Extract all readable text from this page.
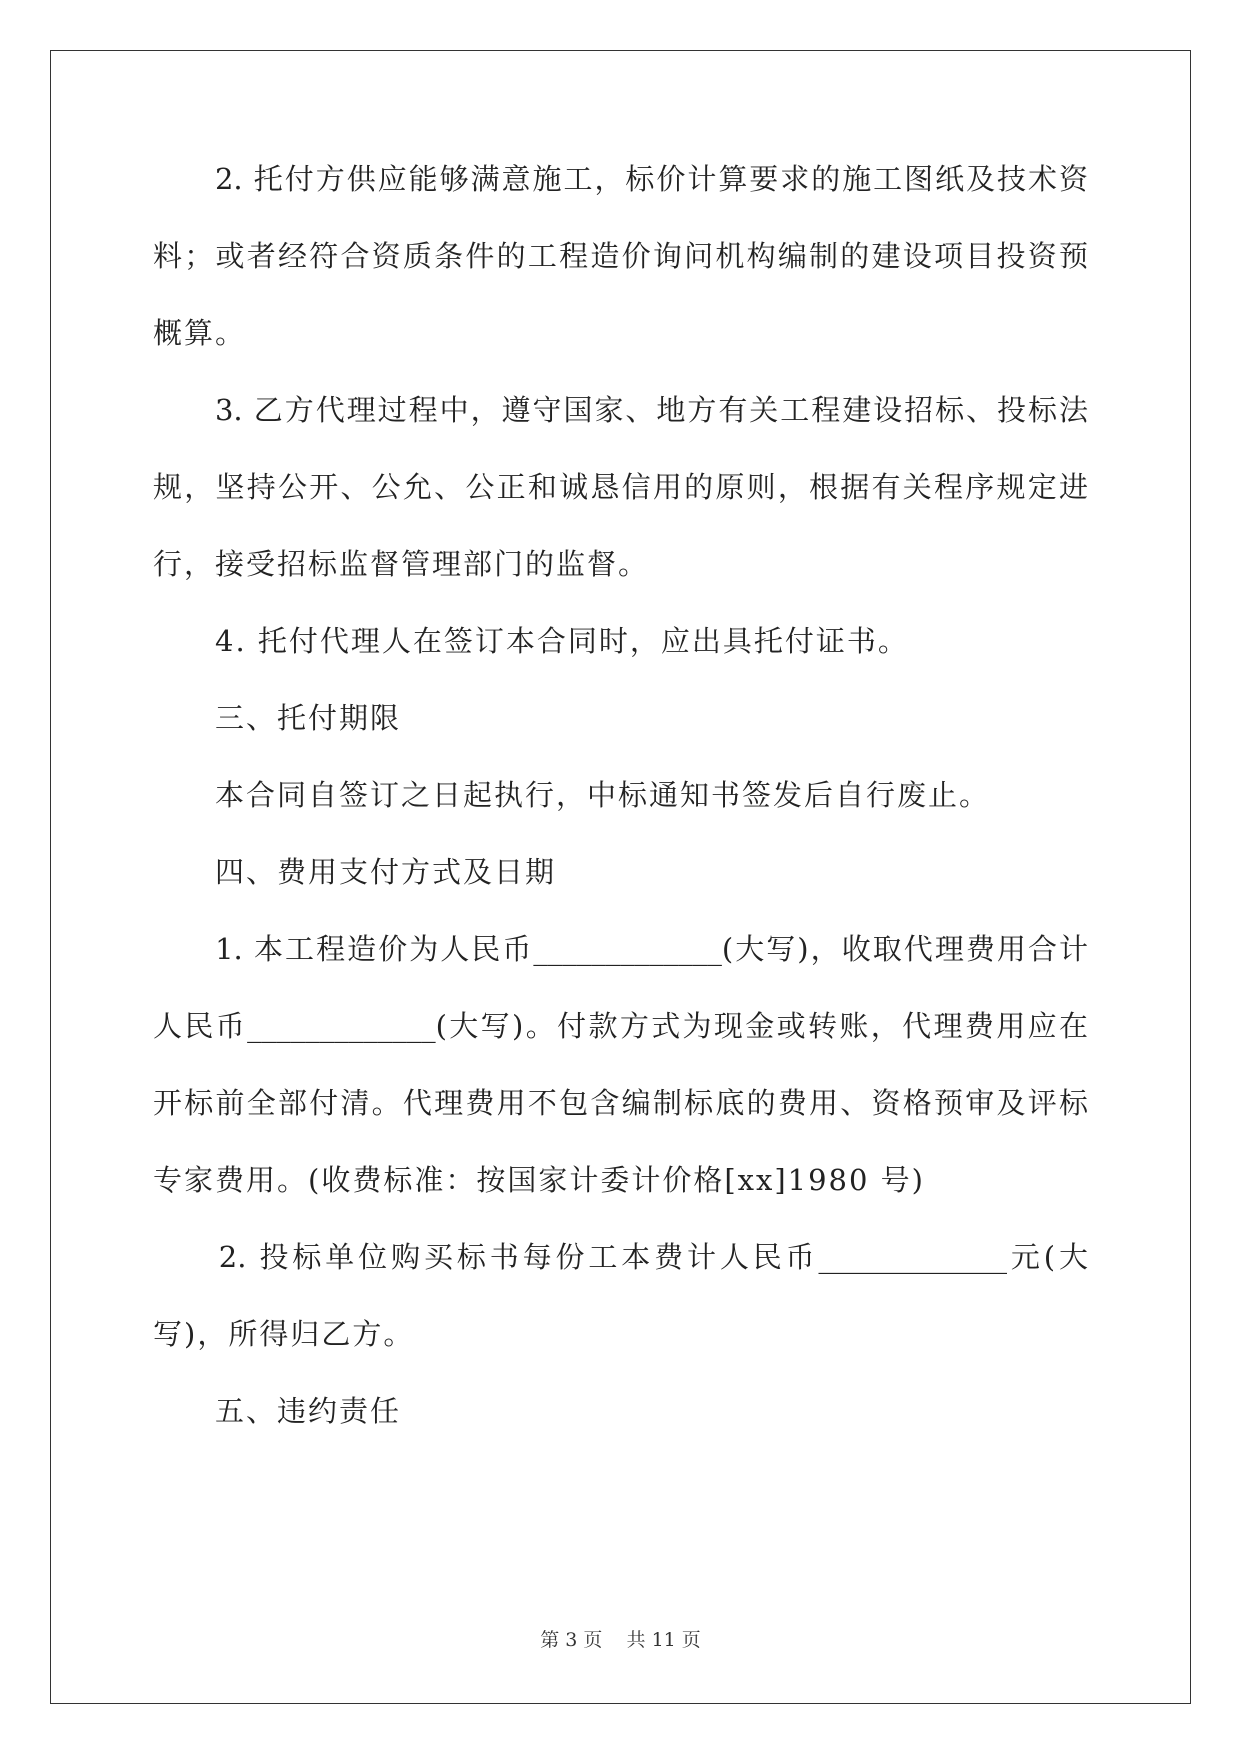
　　2. 托付方供应能够满意施工，标价计算要求的施工图纸及技术资
料；或者经符合资质条件的工程造价询问机构编制的建设项目投资预
概算。
　　3. 乙方代理过程中，遵守国家、地方有关工程建设招标、投标法
规，坚持公开、公允、公正和诚恳信用的原则，根据有关程序规定进
行，接受招标监督管理部门的监督。
　　4. 托付代理人在签订本合同时，应出具托付证书。
　　三、托付期限
　　本合同自签订之日起执行，中标通知书签发后自行废止。
　　四、费用支付方式及日期
　　1. 本工程造价为人民币_____________(大写)，收取代理费用合计
人民币_____________(大写)。付款方式为现金或转账，代理费用应在
开标前全部付清。代理费用不包含编制标底的费用、资格预审及评标
专家费用。(收费标准：按国家计委计价格[xx]1980 号)
　　2. 投标单位购买标书每份工本费计人民币_____________元(大
写)，所得归乙方。
　　五、违约责任
第 3 页 共 11 页
